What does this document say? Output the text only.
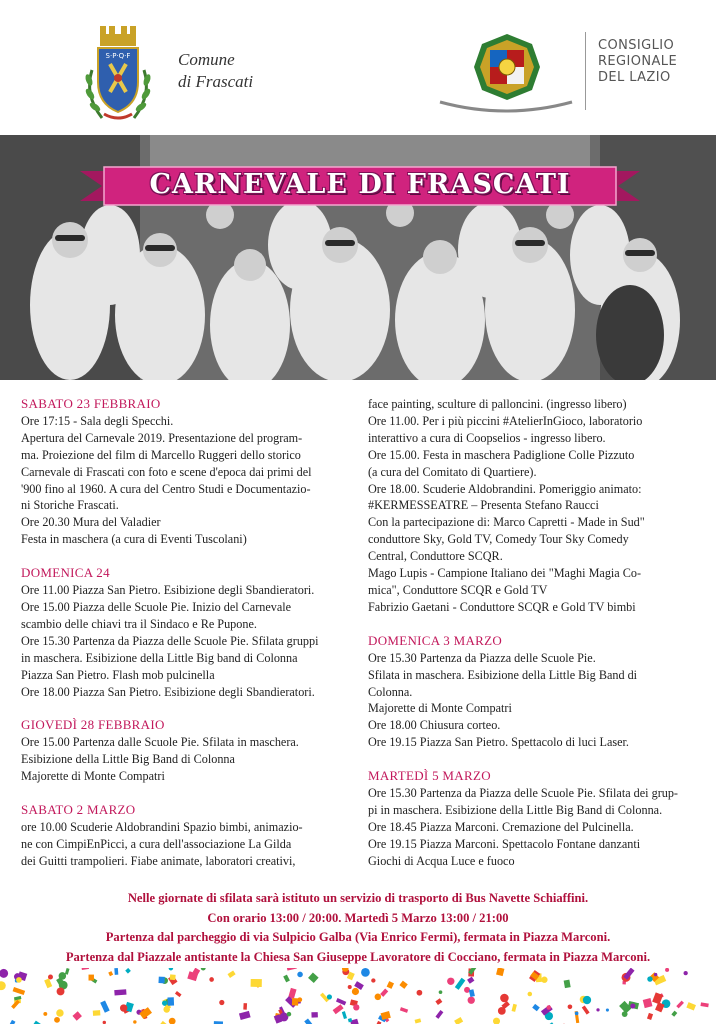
S·P·Q·F	Comune
di Frascati
CONSIGLIO
REGIONALE
DEL LAZIO
CARNEVALE DI FRASCATI
SABATO 23 FEBBRAIO
Ore 17:15 - Sala degli Specchi.
Apertura del Carnevale 2019. Presentazione del program-
ma. Proiezione del film di Marcello Ruggeri dello storico
Carnevale di Frascati con foto e scene d'epoca dai primi del
'900 fino al 1960. A cura del Centro Studi e Documentazio-
ni Storiche Frascati.
Ore 20.30 Mura del Valadier
Festa in maschera (a cura di Eventi Tuscolani)
DOMENICA 24
Ore 11.00 Piazza San Pietro. Esibizione degli Sbandieratori.
Ore 15.00 Piazza delle Scuole Pie. Inizio del Carnevale
scambio delle chiavi tra il Sindaco e Re Pupone.
Ore 15.30 Partenza da Piazza delle Scuole Pie. Sfilata gruppi
in maschera. Esibizione della Little Big band di Colonna
Piazza San Pietro. Flash mob pulcinella
Ore 18.00 Piazza San Pietro. Esibizione degli Sbandieratori.
GIOVEDÌ 28 FEBBRAIO
Ore 15.00 Partenza dalle Scuole Pie. Sfilata in maschera.
Esibizione della Little Big Band di Colonna
Majorette di Monte Compatri
SABATO 2 MARZO
ore 10.00 Scuderie Aldobrandini Spazio bimbi, animazio-
ne con CimpiEnPicci, a cura dell'associazione La Gilda
dei Guitti trampolieri. Fiabe animate, laboratori creativi,
face painting, sculture di palloncini. (ingresso libero)
Ore 11.00. Per i più piccini #AtelierInGioco, laboratorio
interattivo a cura di Coopselios - ingresso libero.
Ore 15.00. Festa in maschera Padiglione Colle Pizzuto
(a cura del Comitato di Quartiere).
Ore 18.00. Scuderie Aldobrandini. Pomeriggio animato:
#KERMESSEATRE – Presenta Stefano Raucci
Con la partecipazione di: Marco Capretti - Made in Sud"
conduttore Sky, Gold TV, Comedy Tour Sky Comedy
Central, Conduttore SCQR.
Mago Lupis - Campione Italiano dei "Maghi Magia Co-
mica", Conduttore SCQR e Gold TV
Fabrizio Gaetani - Conduttore SCQR e Gold TV bimbi
DOMENICA 3 MARZO
Ore 15.30 Partenza da Piazza delle Scuole Pie.
Sfilata in maschera. Esibizione della Little Big Band di
Colonna.
Majorette di Monte Compatri
Ore 18.00 Chiusura corteo.
Ore 19.15 Piazza San Pietro. Spettacolo di luci Laser.
MARTEDÌ 5 MARZO
Ore 15.30 Partenza da Piazza delle Scuole Pie. Sfilata dei grup-
pi in maschera. Esibizione della Little Big Band di Colonna.
Ore 18.45 Piazza Marconi. Cremazione del Pulcinella.
Ore 19.15 Piazza Marconi. Spettacolo Fontane danzanti
Giochi di Acqua Luce e fuoco
Nelle giornate di sfilata sarà istituto un servizio di trasporto di Bus Navette Schiaffini.
Con orario 13:00 / 20:00. Martedì 5 Marzo 13:00 / 21:00
Partenza dal parcheggio di via Sulpicio Galba (Via Enrico Fermi), fermata in Piazza Marconi.
Partenza dal Piazzale antistante la Chiesa San Giuseppe Lavoratore di Cocciano, fermata in Piazza Marconi.
